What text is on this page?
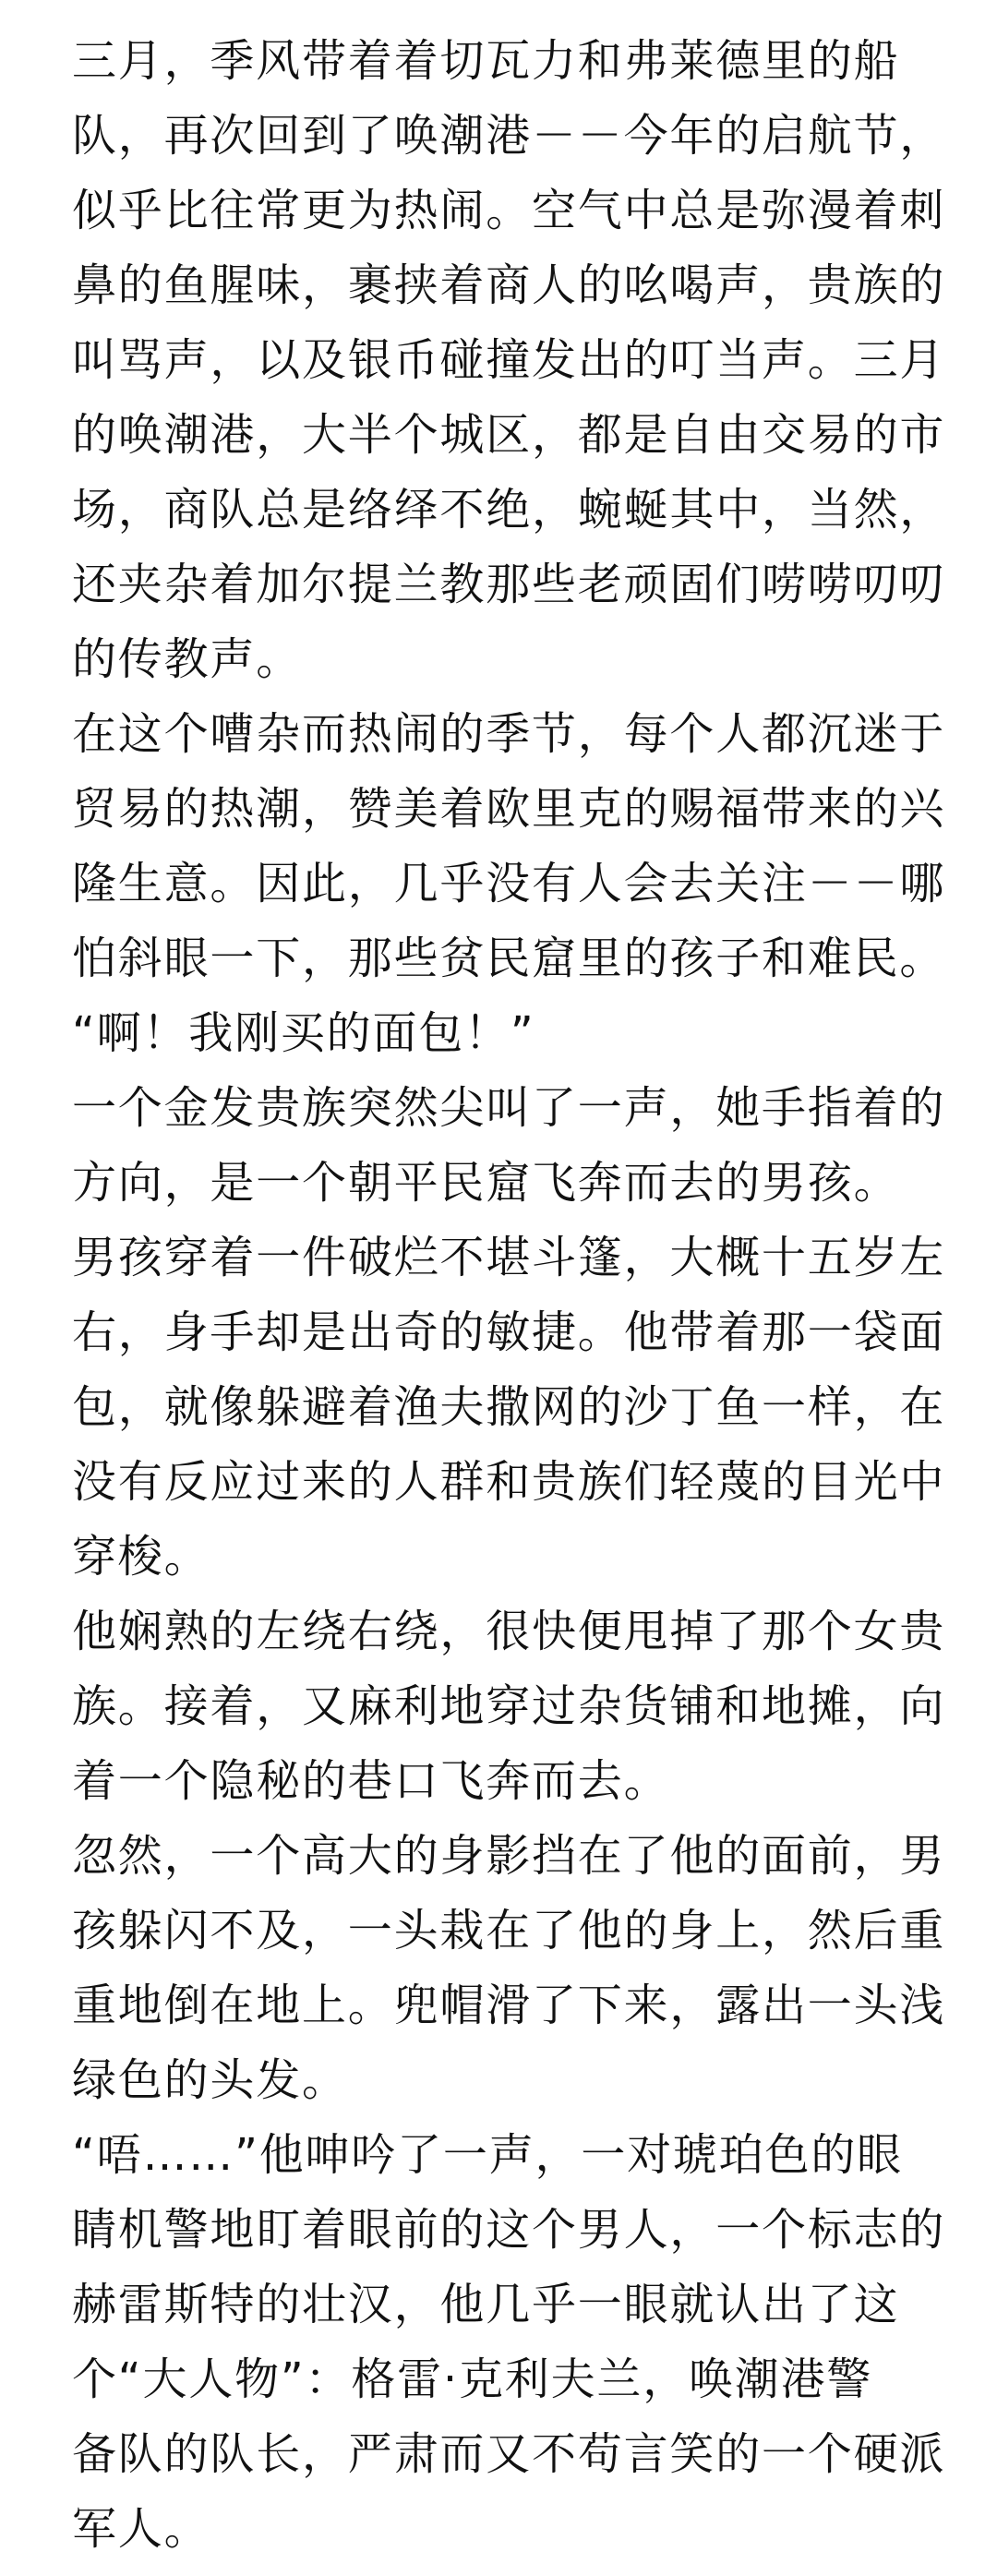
三月，季风带着着切瓦力和弗莱德里的船
队，再次回到了唤潮港－－今年的启航节，
似乎比往常更为热闹。空气中总是弥漫着刺
鼻的鱼腥味，裹挟着商人的吆喝声，贵族的
叫骂声，以及银币碰撞发出的叮当声。三月
的唤潮港，大半个城区，都是自由交易的市
场，商队总是络绎不绝，蜿蜒其中，当然，
还夹杂着加尔提兰教那些老顽固们唠唠叨叨
的传教声。
在这个嘈杂而热闹的季节，每个人都沉迷于
贸易的热潮，赞美着欧里克的赐福带来的兴
隆生意。因此，几乎没有人会去关注－－哪
怕斜眼一下，那些贫民窟里的孩子和难民。
“啊！我刚买的面包！”
一个金发贵族突然尖叫了一声，她手指着的
方向，是一个朝平民窟飞奔而去的男孩。
男孩穿着一件破烂不堪斗篷，大概十五岁左
右，身手却是出奇的敏捷。他带着那一袋面
包，就像躲避着渔夫撒网的沙丁鱼一样，在
没有反应过来的人群和贵族们轻蔑的目光中
穿梭。
他娴熟的左绕右绕，很快便甩掉了那个女贵
族。接着，又麻利地穿过杂货铺和地摊，向
着一个隐秘的巷口飞奔而去。
忽然，一个高大的身影挡在了他的面前，男
孩躲闪不及，一头栽在了他的身上，然后重
重地倒在地上。兜帽滑了下来，露出一头浅
绿色的头发。
“唔……”他呻吟了一声，一对琥珀色的眼
睛机警地盯着眼前的这个男人，一个标志的
赫雷斯特的壮汉，他几乎一眼就认出了这
个“大人物”：格雷·克利夫兰，唤潮港警
备队的队长，严肃而又不苟言笑的一个硬派
军人。
